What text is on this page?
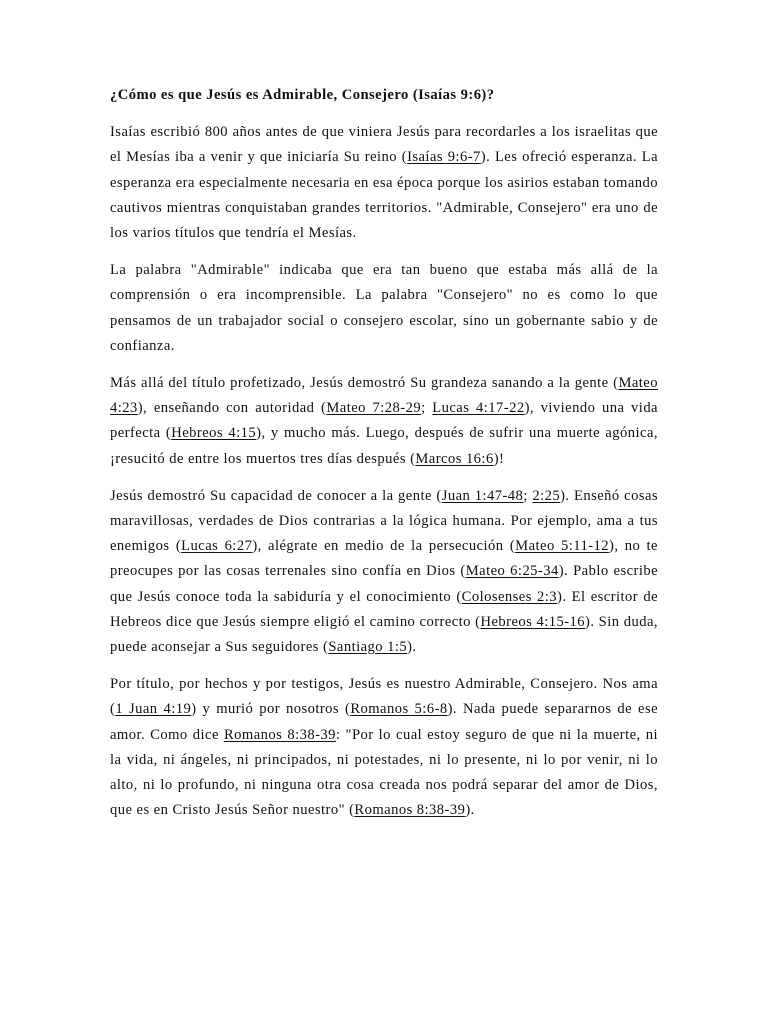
¿Cómo es que Jesús es Admirable, Consejero (Isaías 9:6)?

Isaías escribió 800 años antes de que viniera Jesús para recordarles a los israelitas que el Mesías iba a venir y que iniciaría Su reino (Isaías 9:6-7). Les ofreció esperanza. La esperanza era especialmente necesaria en esa época porque los asirios estaban tomando cautivos mientras conquistaban grandes territorios. "Admirable, Consejero" era uno de los varios títulos que tendría el Mesías.

La palabra "Admirable" indicaba que era tan bueno que estaba más allá de la comprensión o era incomprensible. La palabra "Consejero" no es como lo que pensamos de un trabajador social o consejero escolar, sino un gobernante sabio y de confianza.

Más allá del título profetizado, Jesús demostró Su grandeza sanando a la gente (Mateo 4:23), enseñando con autoridad (Mateo 7:28-29; Lucas 4:17-22), viviendo una vida perfecta (Hebreos 4:15), y mucho más. Luego, después de sufrir una muerte agónica, ¡resucitó de entre los muertos tres días después (Marcos 16:6)!

Jesús demostró Su capacidad de conocer a la gente (Juan 1:47-48; 2:25). Enseñó cosas maravillosas, verdades de Dios contrarias a la lógica humana. Por ejemplo, ama a tus enemigos (Lucas 6:27), alégrate en medio de la persecución (Mateo 5:11-12), no te preocupes por las cosas terrenales sino confía en Dios (Mateo 6:25-34). Pablo escribe que Jesús conoce toda la sabiduría y el conocimiento (Colosenses 2:3). El escritor de Hebreos dice que Jesús siempre eligió el camino correcto (Hebreos 4:15-16). Sin duda, puede aconsejar a Sus seguidores (Santiago 1:5).

Por título, por hechos y por testigos, Jesús es nuestro Admirable, Consejero. Nos ama (1 Juan 4:19) y murió por nosotros (Romanos 5:6-8). Nada puede separarnos de ese amor. Como dice Romanos 8:38-39: "Por lo cual estoy seguro de que ni la muerte, ni la vida, ni ángeles, ni principados, ni potestades, ni lo presente, ni lo por venir, ni lo alto, ni lo profundo, ni ninguna otra cosa creada nos podrá separar del amor de Dios, que es en Cristo Jesús Señor nuestro" (Romanos 8:38-39).
